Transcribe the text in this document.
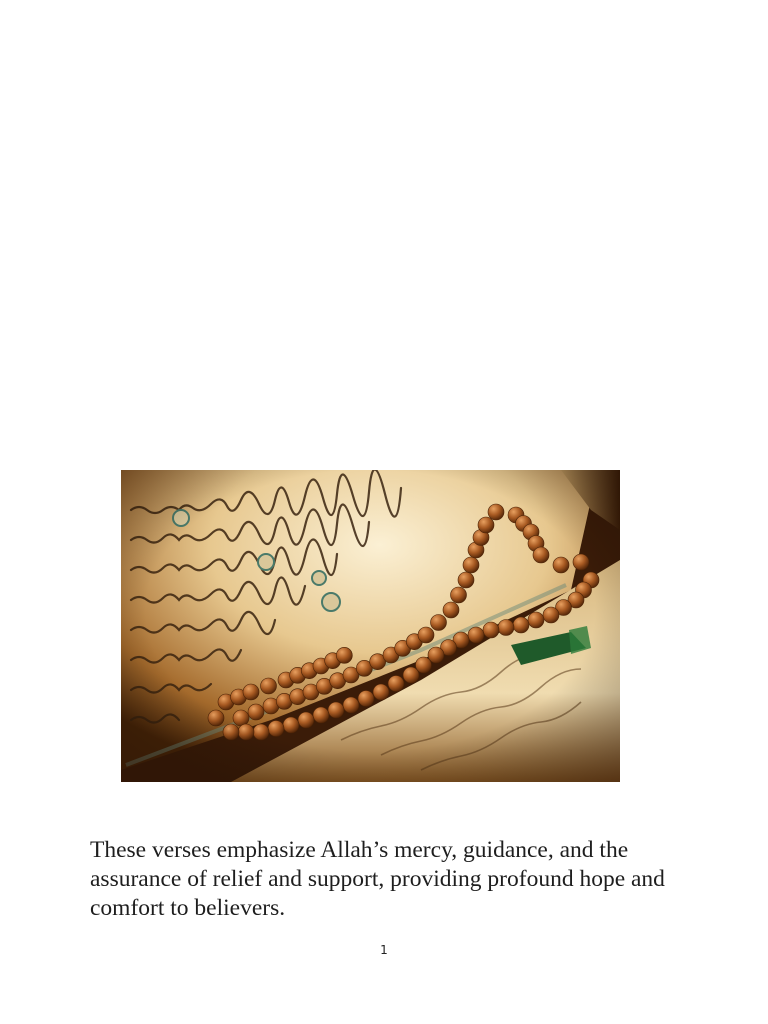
These verses emphasize Allah’s mercy, guidance, and the assurance of relief and support, providing profound hope and comfort to believers.

1
